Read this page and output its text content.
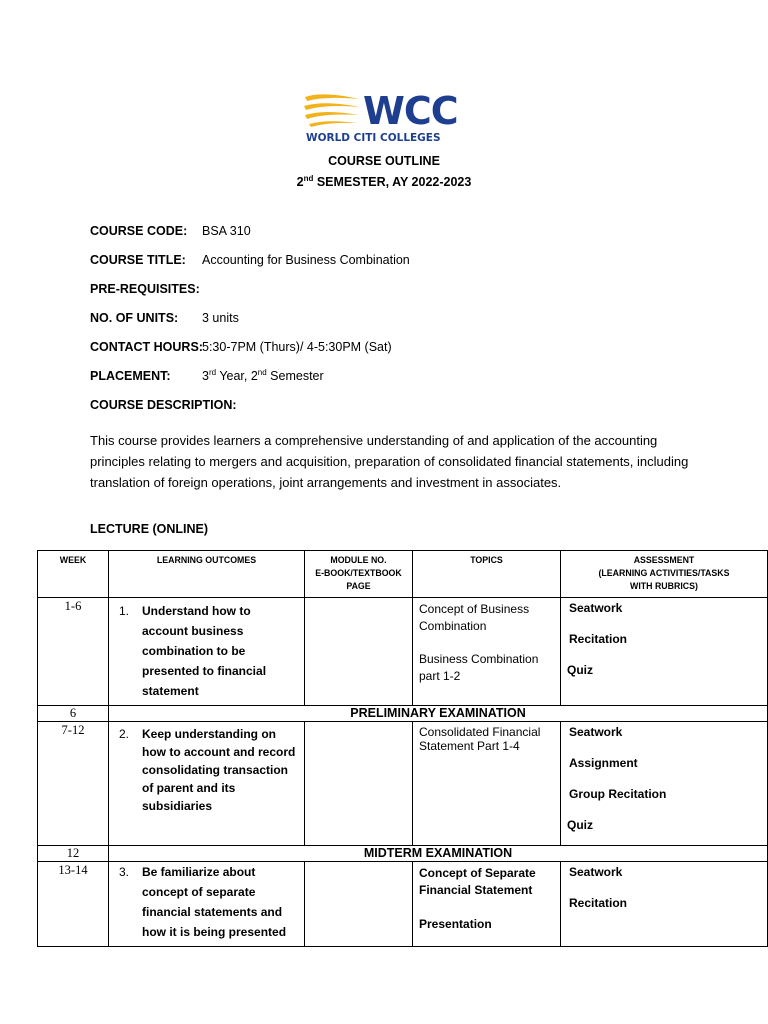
WCC
WORLD CITI COLLEGES
COURSE OUTLINE
2nd SEMESTER, AY 2022-2023
COURSE CODE: BSA 310
COURSE TITLE: Accounting for Business Combination
PRE-REQUISITES:
NO. OF UNITS: 3 units
CONTACT HOURS:5:30-7PM (Thurs)/ 4-5:30PM (Sat)
PLACEMENT:	3rd Year, 2nd Semester
COURSE DESCRIPTION:
This course provides learners a comprehensive understanding of and application of the accounting principles relating to mergers and acquisition, preparation of consolidated financial statements, including translation of foreign operations, joint arrangements and investment in associates.
LECTURE (ONLINE)
WEEK	LEARNING OUTCOMES	MODULE NO.
E-BOOK/TEXTBOOK
PAGE	TOPICS	ASSESSMENT
(LEARNING ACTIVITIES/TASKS
WITH RUBRICS)
1-6	1. Understand how to account business combination to be presented to financial statement		Concept of Business Combination
Business Combination part 1-2	Seatwork
Recitation
Quiz

6	PRELIMINARY EXAMINATION			
7-12	2. Keep understanding on how to account and record consolidating transaction of parent and its subsidiaries		Consolidated Financial Statement Part 1-4	Seatwork
Assignment
Group Recitation
Quiz

12	MIDTERM EXAMINATION			
13-14	3. Be familiarize about concept of separate financial statements and how it is being presented		Concept of Separate Financial Statement
Presentation	Seatwork
Recitation
